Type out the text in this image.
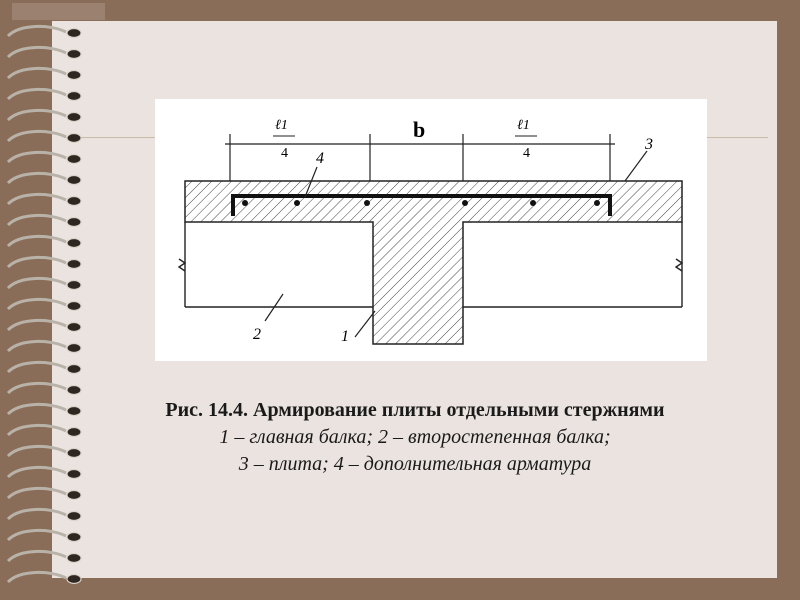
ℓ1
4
b	ℓ1
4
4
3
2	1
Рис. 14.4. Армирование плиты отдельными стержнями
1 – главная балка; 2 – второстепенная балка;
3 – плита; 4 – дополнительная арматура
